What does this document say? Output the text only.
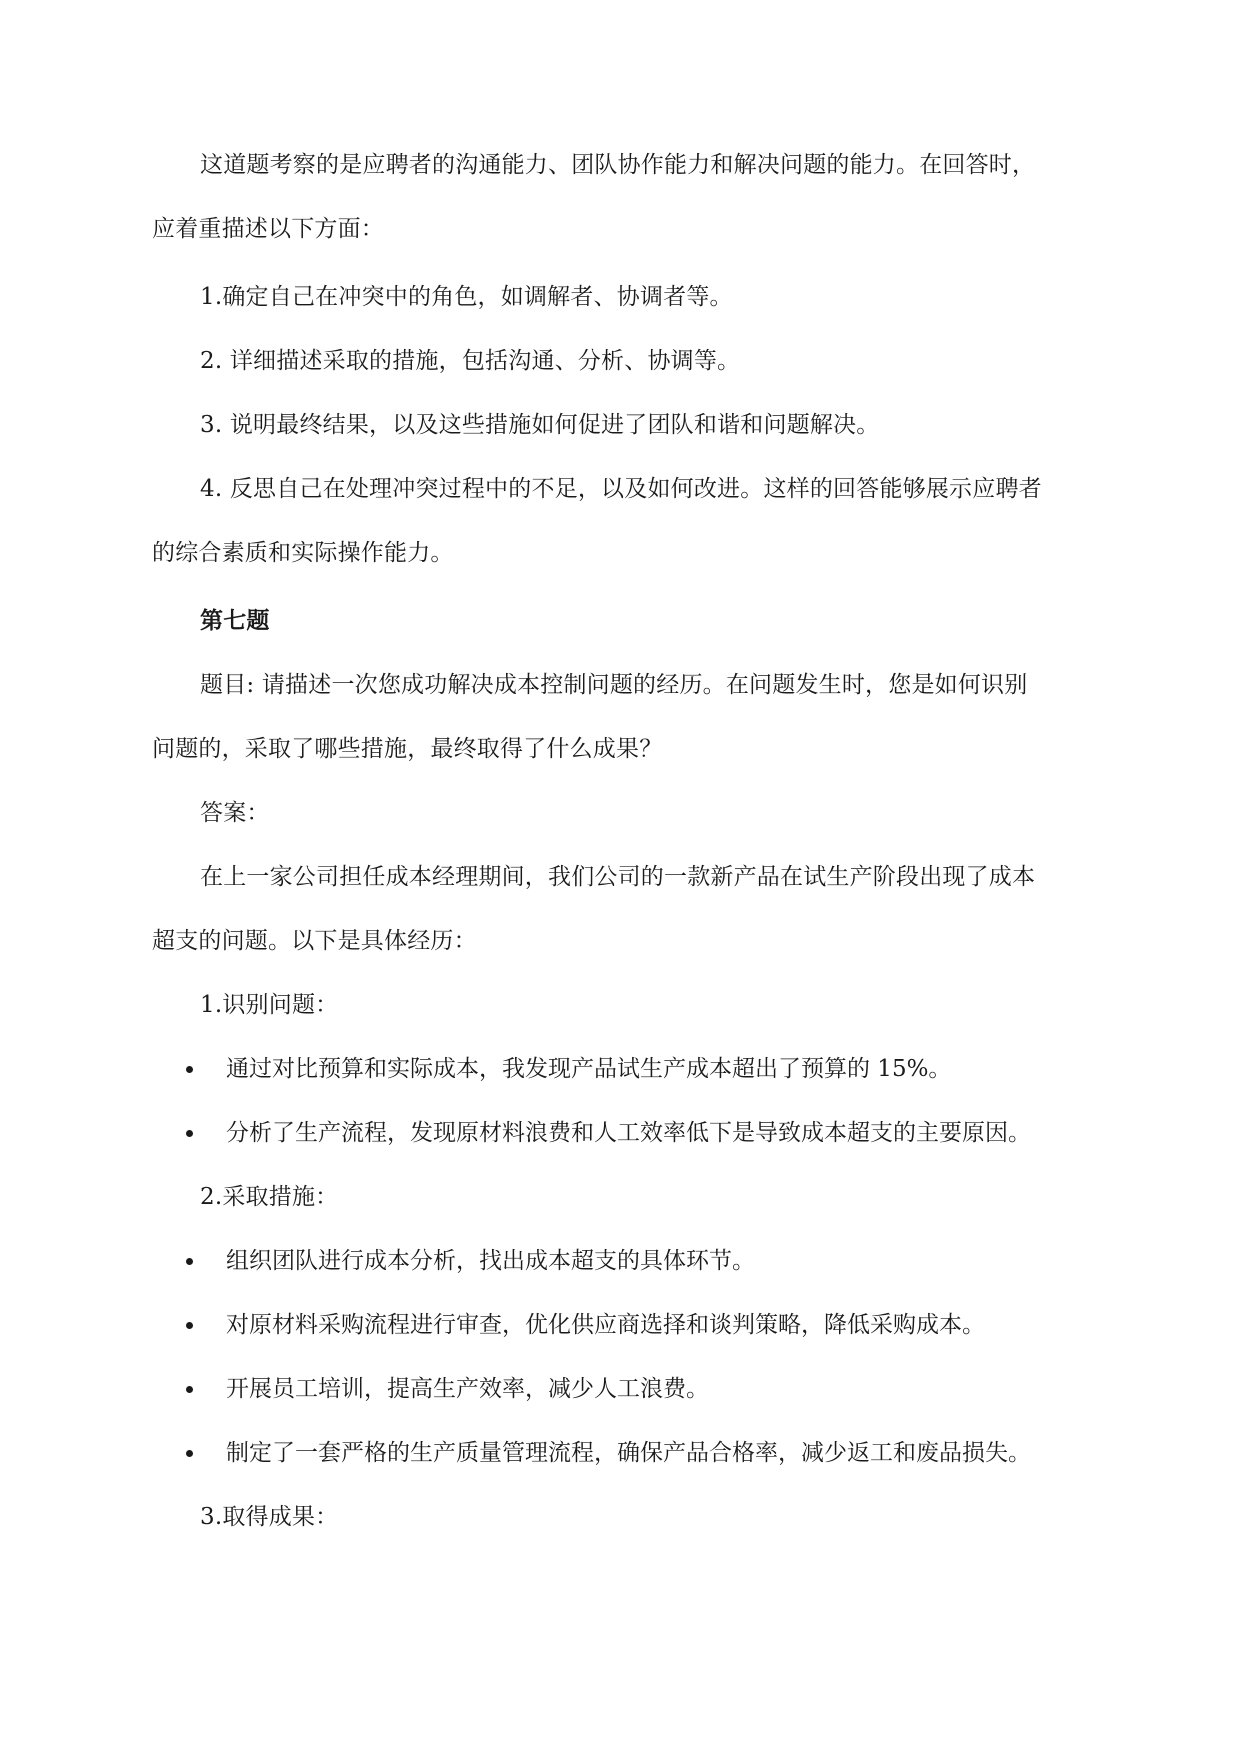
这道题考察的是应聘者的沟通能力、团队协作能力和解决问题的能力。在回答时，
应着重描述以下方面：
1.确定自己在冲突中的角色，如调解者、协调者等。
2. 详细描述采取的措施，包括沟通、分析、协调等。
3. 说明最终结果，以及这些措施如何促进了团队和谐和问题解决。
4. 反思自己在处理冲突过程中的不足，以及如何改进。这样的回答能够展示应聘者
的综合素质和实际操作能力。
第七题
题目: 请描述一次您成功解决成本控制问题的经历。在问题发生时，您是如何识别
问题的，采取了哪些措施，最终取得了什么成果？
答案：
在上一家公司担任成本经理期间，我们公司的一款新产品在试生产阶段出现了成本
超支的问题。以下是具体经历：
1.识别问题：
通过对比预算和实际成本，我发现产品试生产成本超出了预算的 15%。
分析了生产流程，发现原材料浪费和人工效率低下是导致成本超支的主要原因。
2.采取措施：
组织团队进行成本分析，找出成本超支的具体环节。
对原材料采购流程进行审查，优化供应商选择和谈判策略，降低采购成本。
开展员工培训，提高生产效率，减少人工浪费。
制定了一套严格的生产质量管理流程，确保产品合格率，减少返工和废品损失。
3.取得成果：
